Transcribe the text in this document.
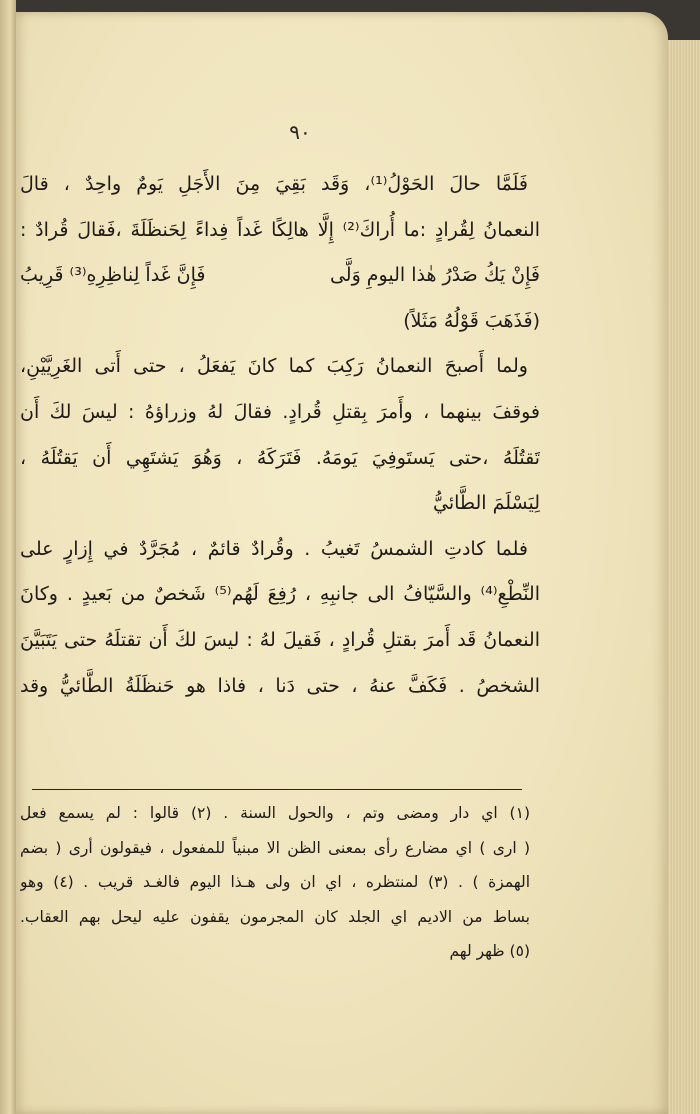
٩٠
فَلَمَّا حالَ الحَوْلُ⁽¹⁾، وَقَد بَقِيَ مِنَ الأَجَلِ يَومٌ واحِدٌ ، قالَ
النعمانُ لِقُرادٍ :ما أُراكَ⁽²⁾ إِلَّا هالِكًا غَداً فِداءً لِحَنظَلَةَ ،فَقالَ قُرادٌ :
فَإِنْ يَكُ صَدْرُ هٰذا اليومِ وَلَّى
فَإِنَّ غَداً لِناظِرِهِ⁽³⁾ قَرِيبُ
(فَذَهَبَ قَوْلُهُ مَثَلاً)
ولما أَصبحَ النعمانُ رَكِبَ كما كانَ يَفعَلُ ، حتى أَتى الغَرِيَّيْنِ،
فوقفَ بينهما ، وأَمرَ بِقتلِ قُرادٍ. فقالَ لهُ وزراؤهُ : ليسَ لكَ أَن
تَقتُلَهُ ،حتى يَستَوفِيَ يَومَهُ. فَتَرَكَهُ ، وَهُوَ يَشتَهِي أَن يَقتُلَهُ ،
لِيَسْلَمَ الطَّائيُّ
فلما كادتِ الشمسُ تَغيبُ . وقُرادٌ قائمٌ ، مُجَرَّدٌ في إِزارٍ على
النِّطْعِ⁽⁴⁾ والسَّيّافُ الى جانبِهِ ، رُفِعَ لَهُم⁽⁵⁾ شَخصٌ من بَعيدٍ . وكانَ
النعمانُ قَد أَمرَ بقتلِ قُرادٍ ، فَقيلَ لهُ : ليسَ لكَ أَن تقتلَهُ حتى يَتَبَيَّنَ
الشخصُ . فَكَفَّ عنهُ ، حتى دَنا ، فاذا هو حَنظَلَةُ الطَّائيُّ وقد
(١) اي دار ومضى وتم ، والحول السنة . (٢) قالوا : لم يسمع فعل
( ارى ) اي مضارع رأى بمعنى الظن الا مبنياً للمفعول ، فيقولون أرى ( بضم
الهمزة ) . (٣) لمنتظره ، اي ان ولى هـذا اليوم فالغـد قريب . (٤) وهو
بساط من الاديم اي الجلد كان المجرمون يقفون عليه ليحل بهم العقاب.
(٥) ظهر لهم
